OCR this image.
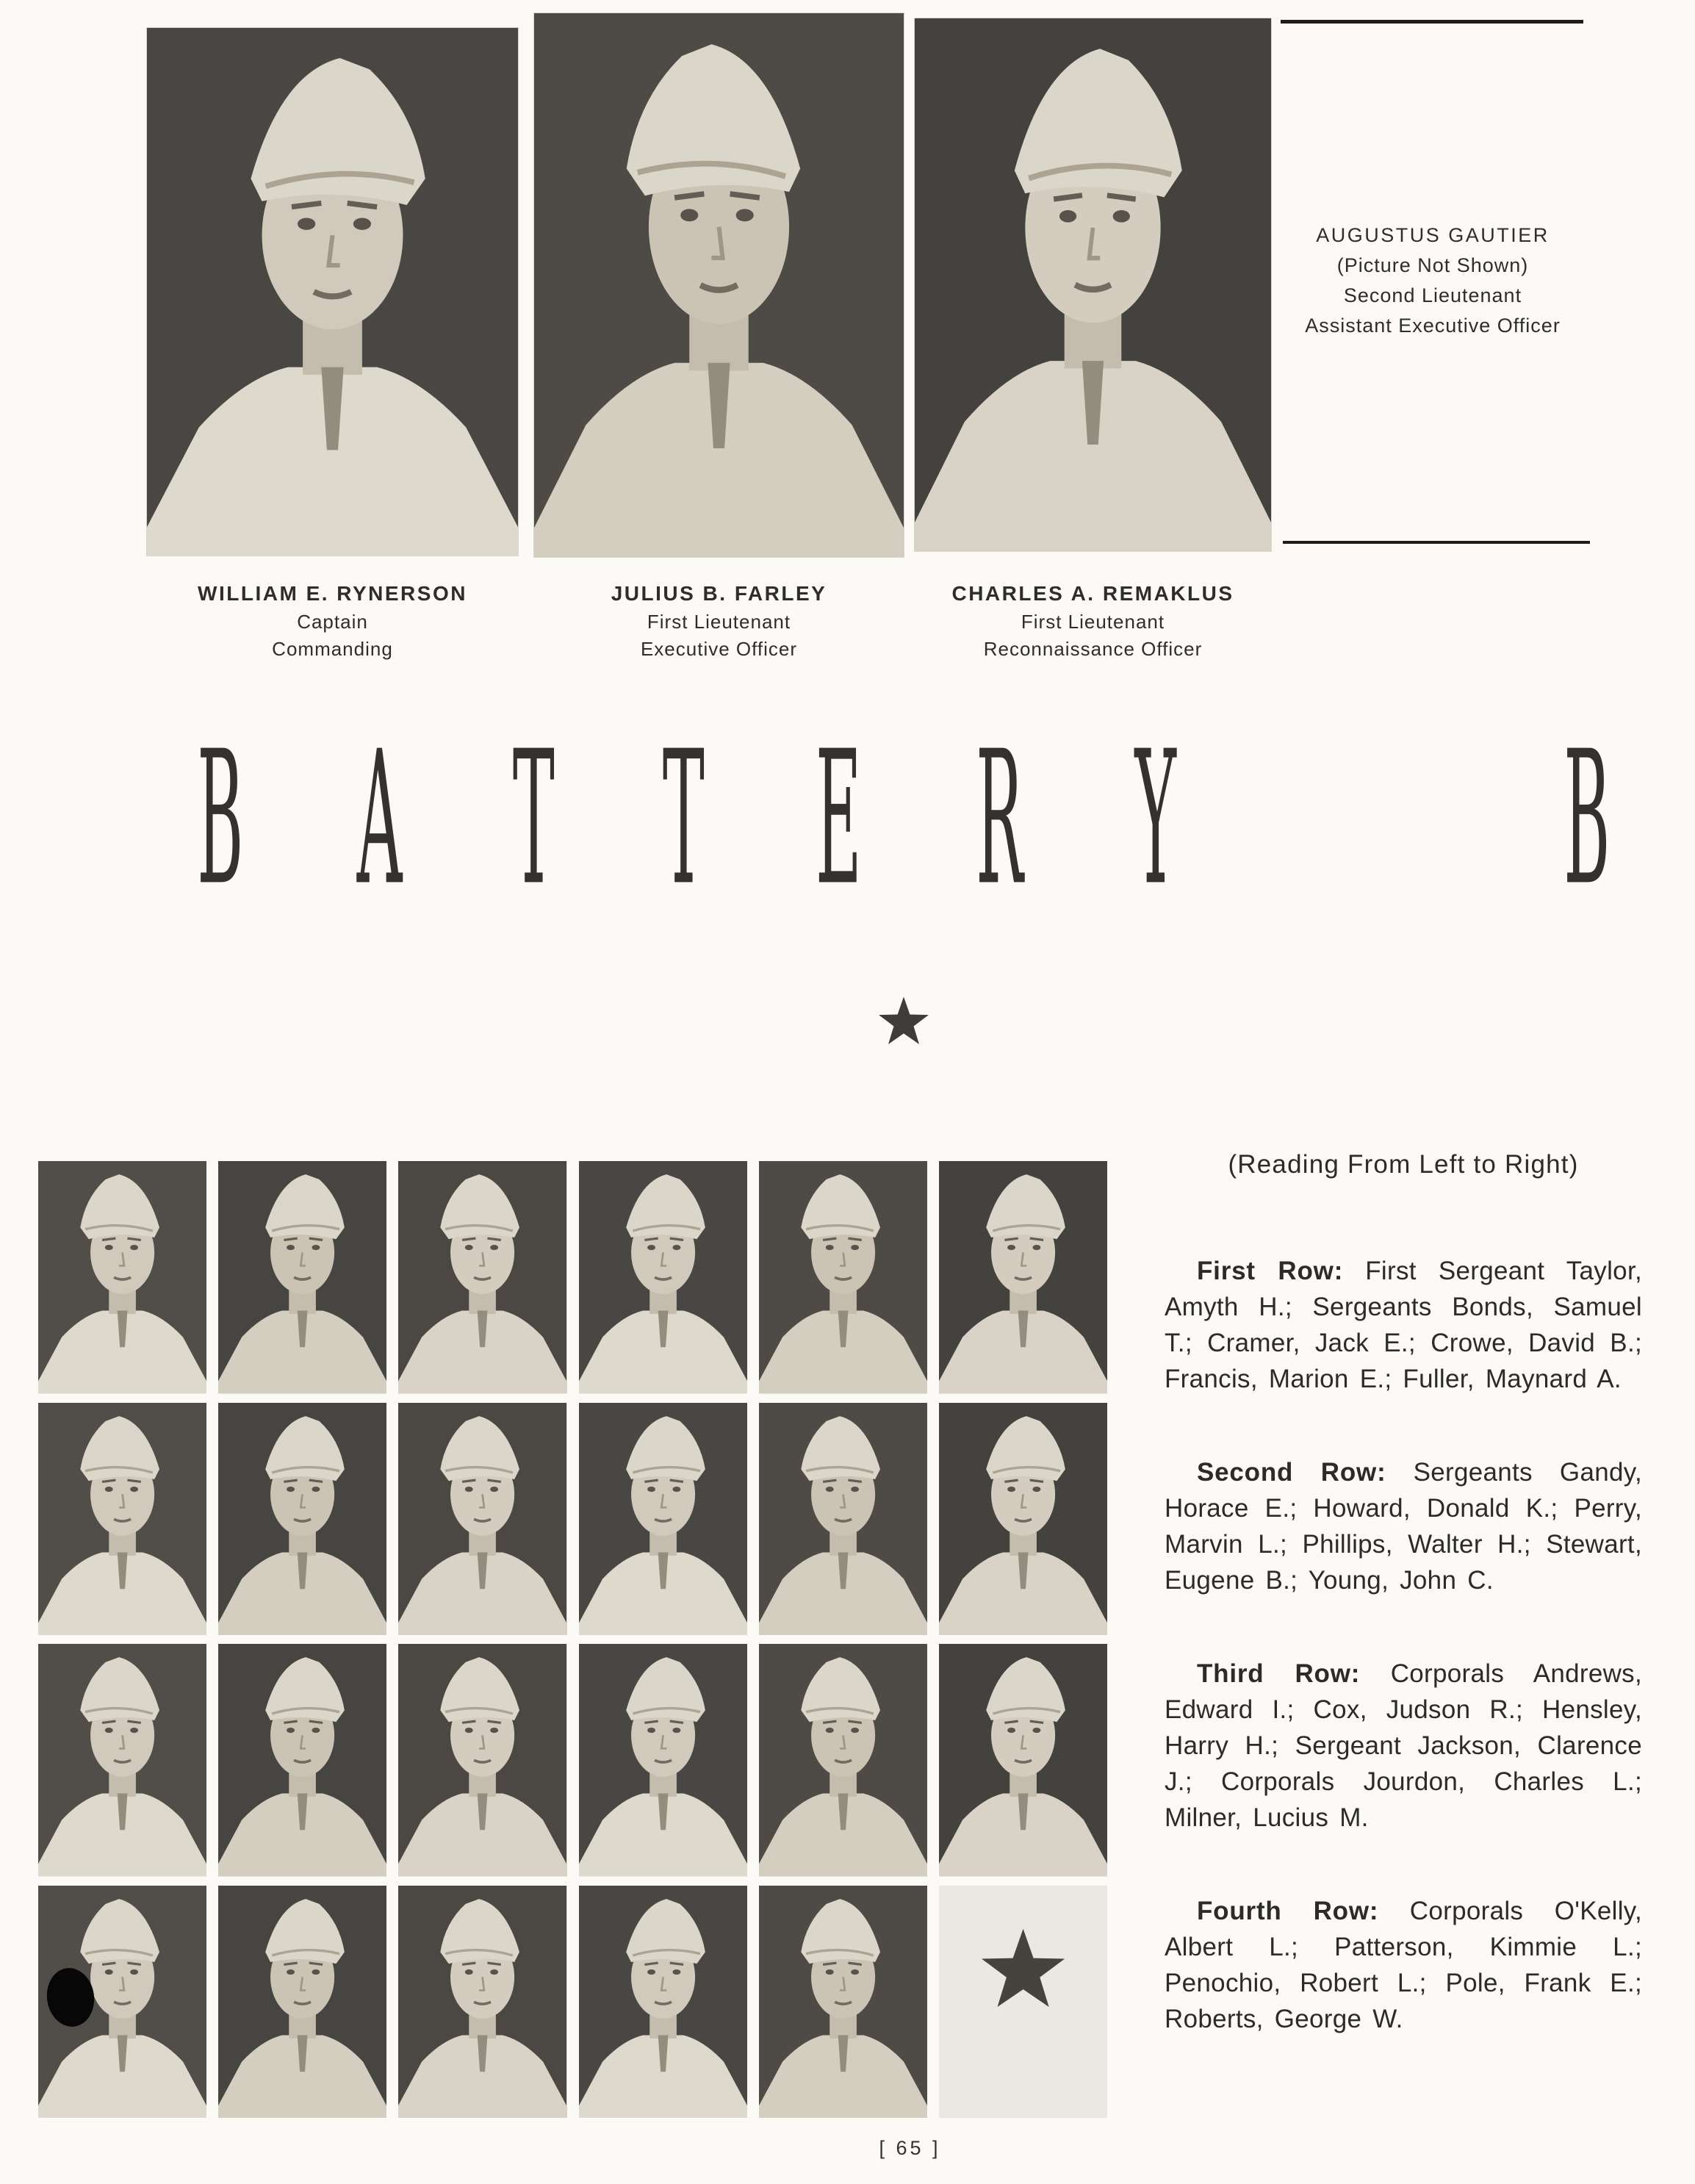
AUGUSTUS GAUTIER
(Picture Not Shown)
Second Lieutenant
Assistant Executive Officer
WILLIAM E. RYNERSON
Captain
Commanding
JULIUS B. FARLEY
First Lieutenant
Executive Officer
CHARLES A. REMAKLUS
First Lieutenant
Reconnaissance Officer
B A T T E R Y	B

(Reading From Left to Right)

First Row: First Sergeant Taylor, Amyth H.; Sergeants Bonds, Samuel T.; Cramer, Jack E.; Crowe, David B.; Francis, Marion E.; Fuller, Maynard A.

Second Row: Sergeants Gandy, Horace E.; Howard, Donald K.; Perry, Marvin L.; Phillips, Walter H.; Stewart, Eugene B.; Young, John C.

Third Row: Corporals Andrews, Edward I.; Cox, Judson R.; Hensley, Harry H.; Sergeant Jackson, Clarence J.; Corporals Jourdon, Charles L.; Milner, Lucius M.

Fourth Row: Corporals O'Kelly, Albert L.; Patterson, Kimmie L.; Penochio, Robert L.; Pole, Frank E.; Roberts, George W.

[ 65 ]
